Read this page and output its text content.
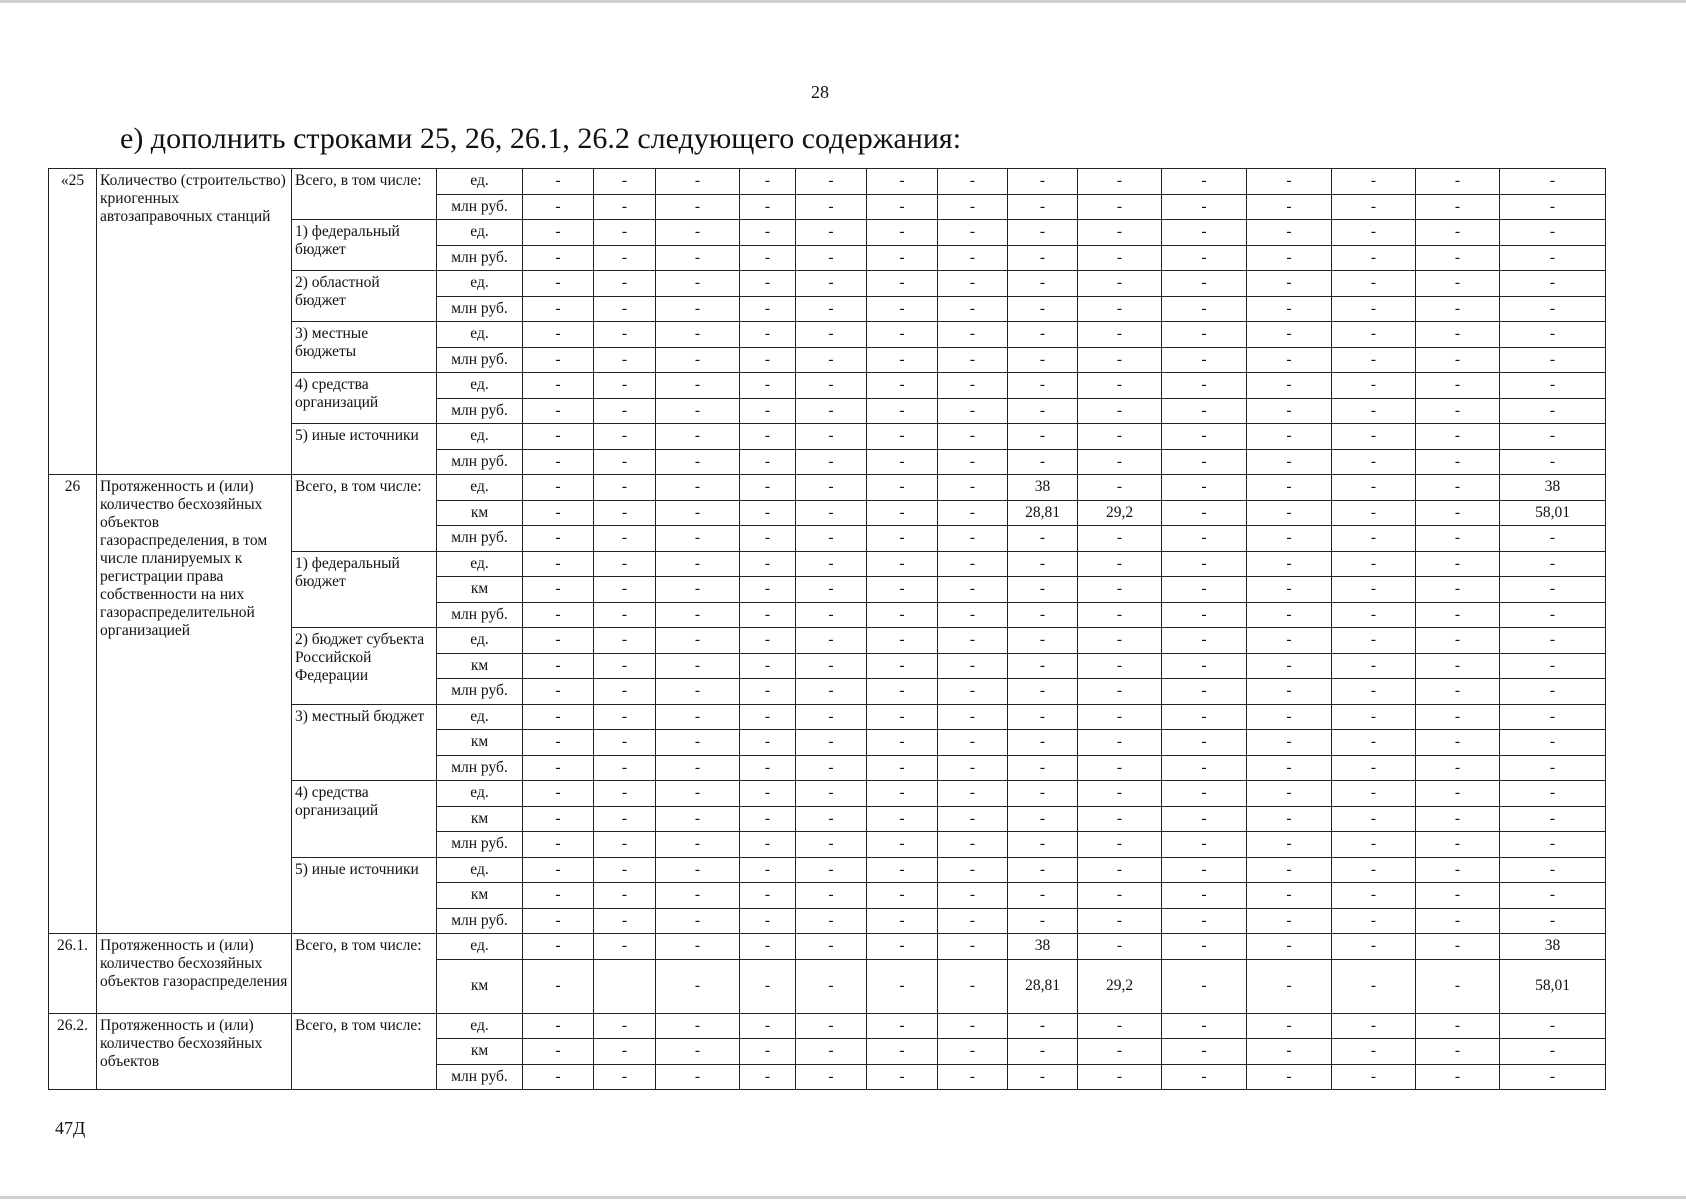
28
е) дополнить строками 25, 26, 26.1, 26.2 следующего содержания:
«25	Количество (строительство) криогенных автозаправочных станций	Всего, в том числе:	ед.	-	-	-	-	-	-	-	-	-	-	-	-	-	-
			млн руб.	-	-	-	-	-	-	-	-	-	-	-	-	-	-
		1) федеральный бюджет	ед.	-	-	-	-	-	-	-	-	-	-	-	-	-	-
			млн руб.	-	-	-	-	-	-	-	-	-	-	-	-	-	-
		2) областной бюджет	ед.	-	-	-	-	-	-	-	-	-	-	-	-	-	-
			млн руб.	-	-	-	-	-	-	-	-	-	-	-	-	-	-
		3) местные бюджеты	ед.	-	-	-	-	-	-	-	-	-	-	-	-	-	-
			млн руб.	-	-	-	-	-	-	-	-	-	-	-	-	-	-
		4) средства организаций	ед.	-	-	-	-	-	-	-	-	-	-	-	-	-	-
			млн руб.	-	-	-	-	-	-	-	-	-	-	-	-	-	-
		5) иные источники	ед.	-	-	-	-	-	-	-	-	-	-	-	-	-	-
			млн руб.	-	-	-	-	-	-	-	-	-	-	-	-	-	-
26	Протяженность и (или) количество бесхозяйных объектов газораспределения, в том числе планируемых к регистрации права собственности на них газораспределительной организацией	Всего, в том числе:	ед.	-	-	-	-	-	-	-	38	-	-	-	-	-	38
			км	-	-	-	-	-	-	-	28,81	29,2	-	-	-	-	58,01
			млн руб.	-	-	-	-	-	-	-	-	-	-	-	-	-	-
		1) федеральный бюджет	ед.	-	-	-	-	-	-	-	-	-	-	-	-	-	-
			км	-	-	-	-	-	-	-	-	-	-	-	-	-	-
			млн руб.	-	-	-	-	-	-	-	-	-	-	-	-	-	-
		2) бюджет субъекта Российской Федерации	ед.	-	-	-	-	-	-	-	-	-	-	-	-	-	-
			км	-	-	-	-	-	-	-	-	-	-	-	-	-	-
			млн руб.	-	-	-	-	-	-	-	-	-	-	-	-	-	-
		3) местный бюджет	ед.	-	-	-	-	-	-	-	-	-	-	-	-	-	-
			км	-	-	-	-	-	-	-	-	-	-	-	-	-	-
			млн руб.	-	-	-	-	-	-	-	-	-	-	-	-	-	-
		4) средства организаций	ед.	-	-	-	-	-	-	-	-	-	-	-	-	-	-
			км	-	-	-	-	-	-	-	-	-	-	-	-	-	-
			млн руб.	-	-	-	-	-	-	-	-	-	-	-	-	-	-
		5) иные источники	ед.	-	-	-	-	-	-	-	-	-	-	-	-	-	-
			км	-	-	-	-	-	-	-	-	-	-	-	-	-	-
			млн руб.	-	-	-	-	-	-	-	-	-	-	-	-	-	-
26.1.	Протяженность и (или) количество бесхозяйных объектов газораспределения	Всего, в том числе:	ед.	-	-	-	-	-	-	-	38	-	-	-	-	-	38
			км	-		-	-	-	-	-	28,81	29,2	-	-	-	-	58,01
26.2.	Протяженность и (или) количество бесхозяйных объектов	Всего, в том числе:	ед.	-	-	-	-	-	-	-	-	-	-	-	-	-	-
			км	-	-	-	-	-	-	-	-	-	-	-	-	-	-
			млн руб.	-	-	-	-	-	-	-	-	-	-	-	-	-	-
47Д
